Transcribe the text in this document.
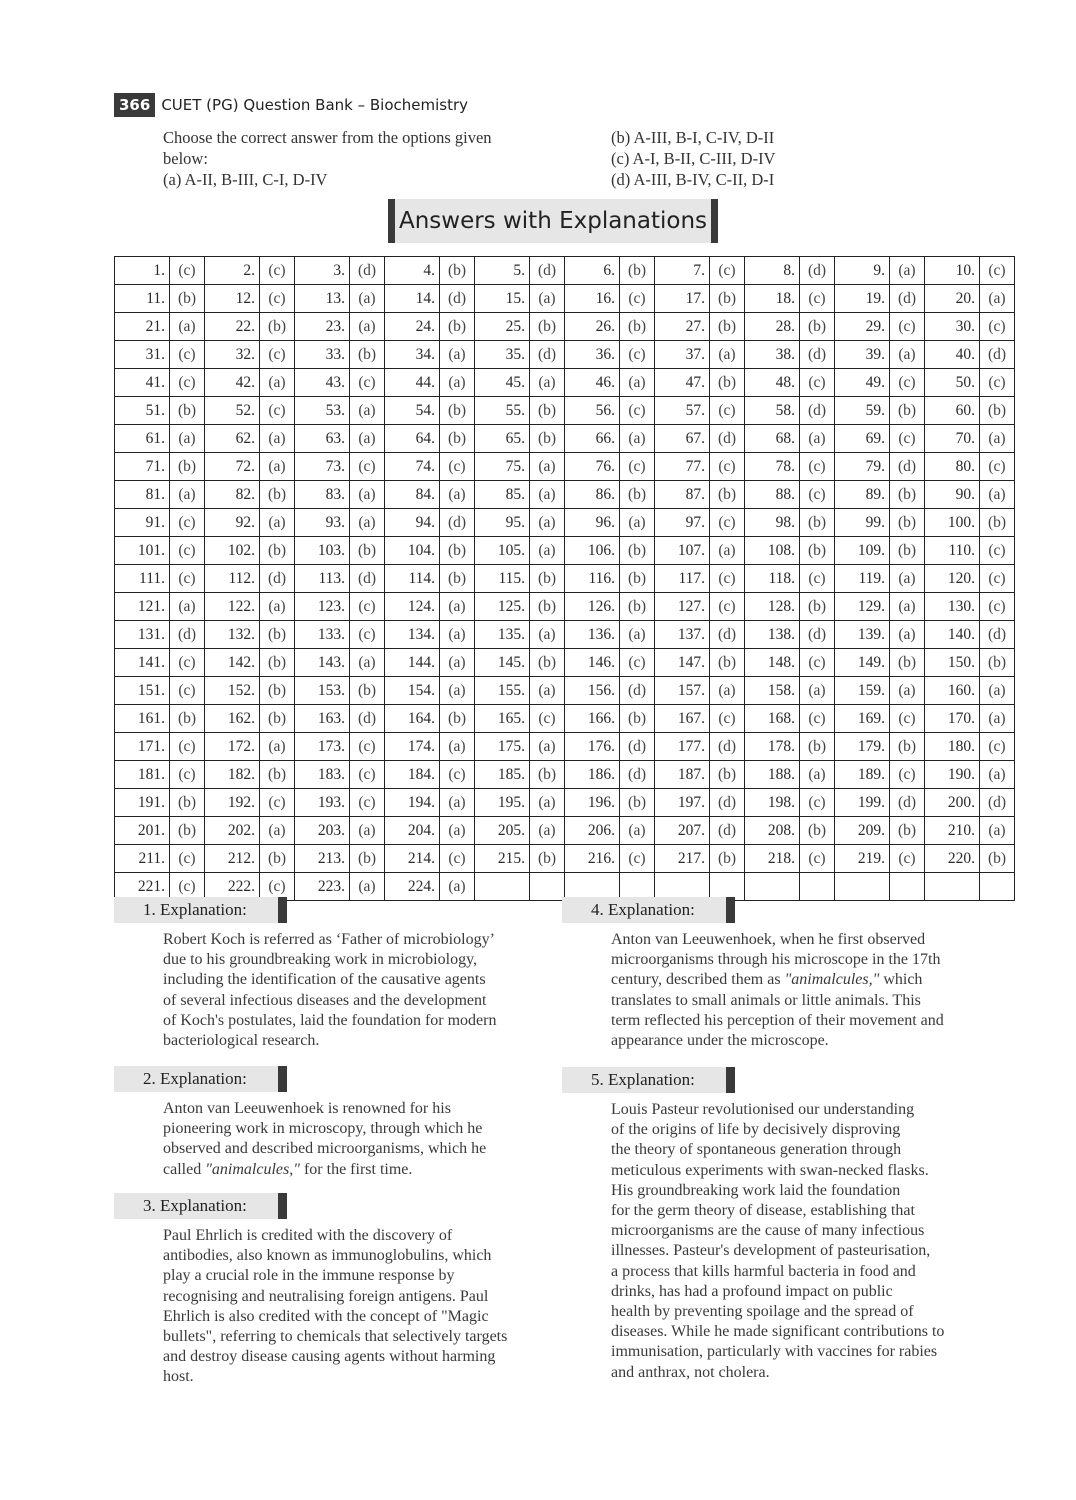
366 CUET (PG) Question Bank – Biochemistry
Choose the correct answer from the options given
below:
(a) A-II, B-III, C-I, D-IV
(b) A-III, B-I, C-IV, D-II
(c) A-I, B-II, C-III, D-IV
(d) A-III, B-IV, C-II, D-I
Answers with Explanations
1.	(c)	2.	(c)	3.	(d)	4.	(b)	5.	(d)	6.	(b)	7.	(c)	8.	(d)	9.	(a)	10.	(c)
11.	(b)	12.	(c)	13.	(a)	14.	(d)	15.	(a)	16.	(c)	17.	(b)	18.	(c)	19.	(d)	20.	(a)
21.	(a)	22.	(b)	23.	(a)	24.	(b)	25.	(b)	26.	(b)	27.	(b)	28.	(b)	29.	(c)	30.	(c)
31.	(c)	32.	(c)	33.	(b)	34.	(a)	35.	(d)	36.	(c)	37.	(a)	38.	(d)	39.	(a)	40.	(d)
41.	(c)	42.	(a)	43.	(c)	44.	(a)	45.	(a)	46.	(a)	47.	(b)	48.	(c)	49.	(c)	50.	(c)
51.	(b)	52.	(c)	53.	(a)	54.	(b)	55.	(b)	56.	(c)	57.	(c)	58.	(d)	59.	(b)	60.	(b)
61.	(a)	62.	(a)	63.	(a)	64.	(b)	65.	(b)	66.	(a)	67.	(d)	68.	(a)	69.	(c)	70.	(a)
71.	(b)	72.	(a)	73.	(c)	74.	(c)	75.	(a)	76.	(c)	77.	(c)	78.	(c)	79.	(d)	80.	(c)
81.	(a)	82.	(b)	83.	(a)	84.	(a)	85.	(a)	86.	(b)	87.	(b)	88.	(c)	89.	(b)	90.	(a)
91.	(c)	92.	(a)	93.	(a)	94.	(d)	95.	(a)	96.	(a)	97.	(c)	98.	(b)	99.	(b)	100.	(b)
101.	(c)	102.	(b)	103.	(b)	104.	(b)	105.	(a)	106.	(b)	107.	(a)	108.	(b)	109.	(b)	110.	(c)
111.	(c)	112.	(d)	113.	(d)	114.	(b)	115.	(b)	116.	(b)	117.	(c)	118.	(c)	119.	(a)	120.	(c)
121.	(a)	122.	(a)	123.	(c)	124.	(a)	125.	(b)	126.	(b)	127.	(c)	128.	(b)	129.	(a)	130.	(c)
131.	(d)	132.	(b)	133.	(c)	134.	(a)	135.	(a)	136.	(a)	137.	(d)	138.	(d)	139.	(a)	140.	(d)
141.	(c)	142.	(b)	143.	(a)	144.	(a)	145.	(b)	146.	(c)	147.	(b)	148.	(c)	149.	(b)	150.	(b)
151.	(c)	152.	(b)	153.	(b)	154.	(a)	155.	(a)	156.	(d)	157.	(a)	158.	(a)	159.	(a)	160.	(a)
161.	(b)	162.	(b)	163.	(d)	164.	(b)	165.	(c)	166.	(b)	167.	(c)	168.	(c)	169.	(c)	170.	(a)
171.	(c)	172.	(a)	173.	(c)	174.	(a)	175.	(a)	176.	(d)	177.	(d)	178.	(b)	179.	(b)	180.	(c)
181.	(c)	182.	(b)	183.	(c)	184.	(c)	185.	(b)	186.	(d)	187.	(b)	188.	(a)	189.	(c)	190.	(a)
191.	(b)	192.	(c)	193.	(c)	194.	(a)	195.	(a)	196.	(b)	197.	(d)	198.	(c)	199.	(d)	200.	(d)
201.	(b)	202.	(a)	203.	(a)	204.	(a)	205.	(a)	206.	(a)	207.	(d)	208.	(b)	209.	(b)	210.	(a)
211.	(c)	212.	(b)	213.	(b)	214.	(c)	215.	(b)	216.	(c)	217.	(b)	218.	(c)	219.	(c)	220.	(b)
221.	(c)	222.	(c)	223.	(a)	224.	(a)												
1. Explanation:
Robert Koch is referred as ‘Father of microbiology’
due to his groundbreaking work in microbiology,
including the identification of the causative agents
of several infectious diseases and the development
of Koch's postulates, laid the foundation for modern
bacteriological research.
2. Explanation:
Anton van Leeuwenhoek is renowned for his
pioneering work in microscopy, through which he
observed and described microorganisms, which he
called "animalcules," for the first time.
3. Explanation:
Paul Ehrlich is credited with the discovery of
antibodies, also known as immunoglobulins, which
play a crucial role in the immune response by
recognising and neutralising foreign antigens. Paul
Ehrlich is also credited with the concept of "Magic
bullets", referring to chemicals that selectively targets
and destroy disease causing agents without harming
host.
4. Explanation:
Anton van Leeuwenhoek, when he first observed
microorganisms through his microscope in the 17th
century, described them as "animalcules," which
translates to small animals or little animals. This
term reflected his perception of their movement and
appearance under the microscope.
5. Explanation:
Louis Pasteur revolutionised our understanding
of the origins of life by decisively disproving
the theory of spontaneous generation through
meticulous experiments with swan-necked flasks.
His groundbreaking work laid the foundation
for the germ theory of disease, establishing that
microorganisms are the cause of many infectious
illnesses. Pasteur's development of pasteurisation,
a process that kills harmful bacteria in food and
drinks, has had a profound impact on public
health by preventing spoilage and the spread of
diseases. While he made significant contributions to
immunisation, particularly with vaccines for rabies
and anthrax, not cholera.
